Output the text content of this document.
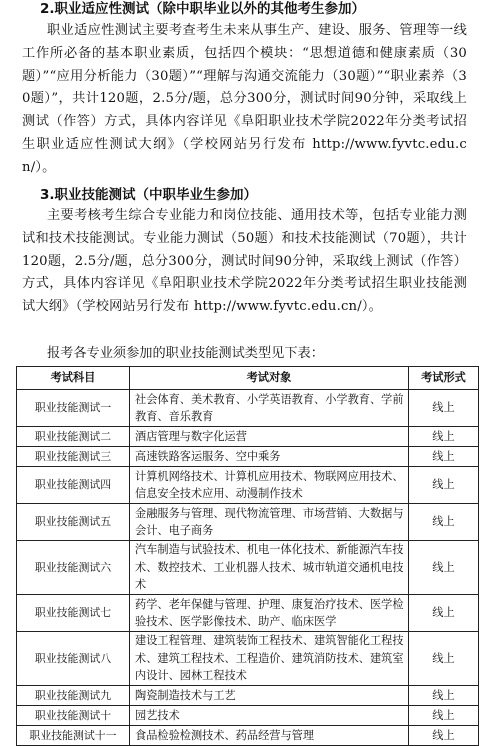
2.职业适应性测试（除中职毕业以外的其他考生参加）
职业适应性测试主要考查考生未来从事生产、建设、服务、管理等一线工作所必备的基本职业素质，包括四个模块：“思想道德和健康素质（30题）”“应用分析能力（30题）”“理解与沟通交流能力（30题）”“职业素养（30题）”，共计120题，2.5分/题，总分300分，测试时间90分钟，采取线上测试（作答）方式，具体内容详见《阜阳职业技术学院2022年分类考试招生职业适应性测试大纲》（学校网站另行发布 http://www.fyvtc.edu.cn/）。
3.职业技能测试（中职毕业生参加）
主要考核考生综合专业能力和岗位技能、通用技术等，包括专业能力测试和技术技能测试。专业能力测试（50题）和技术技能测试（70题），共计120题，2.5分/题，总分300分，测试时间90分钟，采取线上测试（作答）方式，具体内容详见《阜阳职业技术学院2022年分类考试招生职业技能测试大纲》（学校网站另行发布 http://www.fyvtc.edu.cn/）。
报考各专业须参加的职业技能测试类型见下表：
考试科目	考试对象	考试形式
职业技能测试一	社会体育、美术教育、小学英语教育、小学教育、学前教育、音乐教育	线上
职业技能测试二	酒店管理与数字化运营	线上
职业技能测试三	高速铁路客运服务、空中乘务	线上
职业技能测试四	计算机网络技术、计算机应用技术、物联网应用技术、信息安全技术应用、动漫制作技术	线上
职业技能测试五	金融服务与管理、现代物流管理、市场营销、大数据与会计、电子商务	线上
职业技能测试六	汽车制造与试验技术、机电一体化技术、新能源汽车技术、数控技术、工业机器人技术、城市轨道交通机电技术	线上
职业技能测试七	药学、老年保健与管理、护理、康复治疗技术、医学检验技术、医学影像技术、助产、临床医学	线上
职业技能测试八	建设工程管理、建筑装饰工程技术、建筑智能化工程技术、建筑工程技术、工程造价、建筑消防技术、建筑室内设计、园林工程技术	线上
职业技能测试九	陶瓷制造技术与工艺	线上
职业技能测试十	园艺技术	线上
职业技能测试十一	食品检验检测技术、药品经营与管理	线上
